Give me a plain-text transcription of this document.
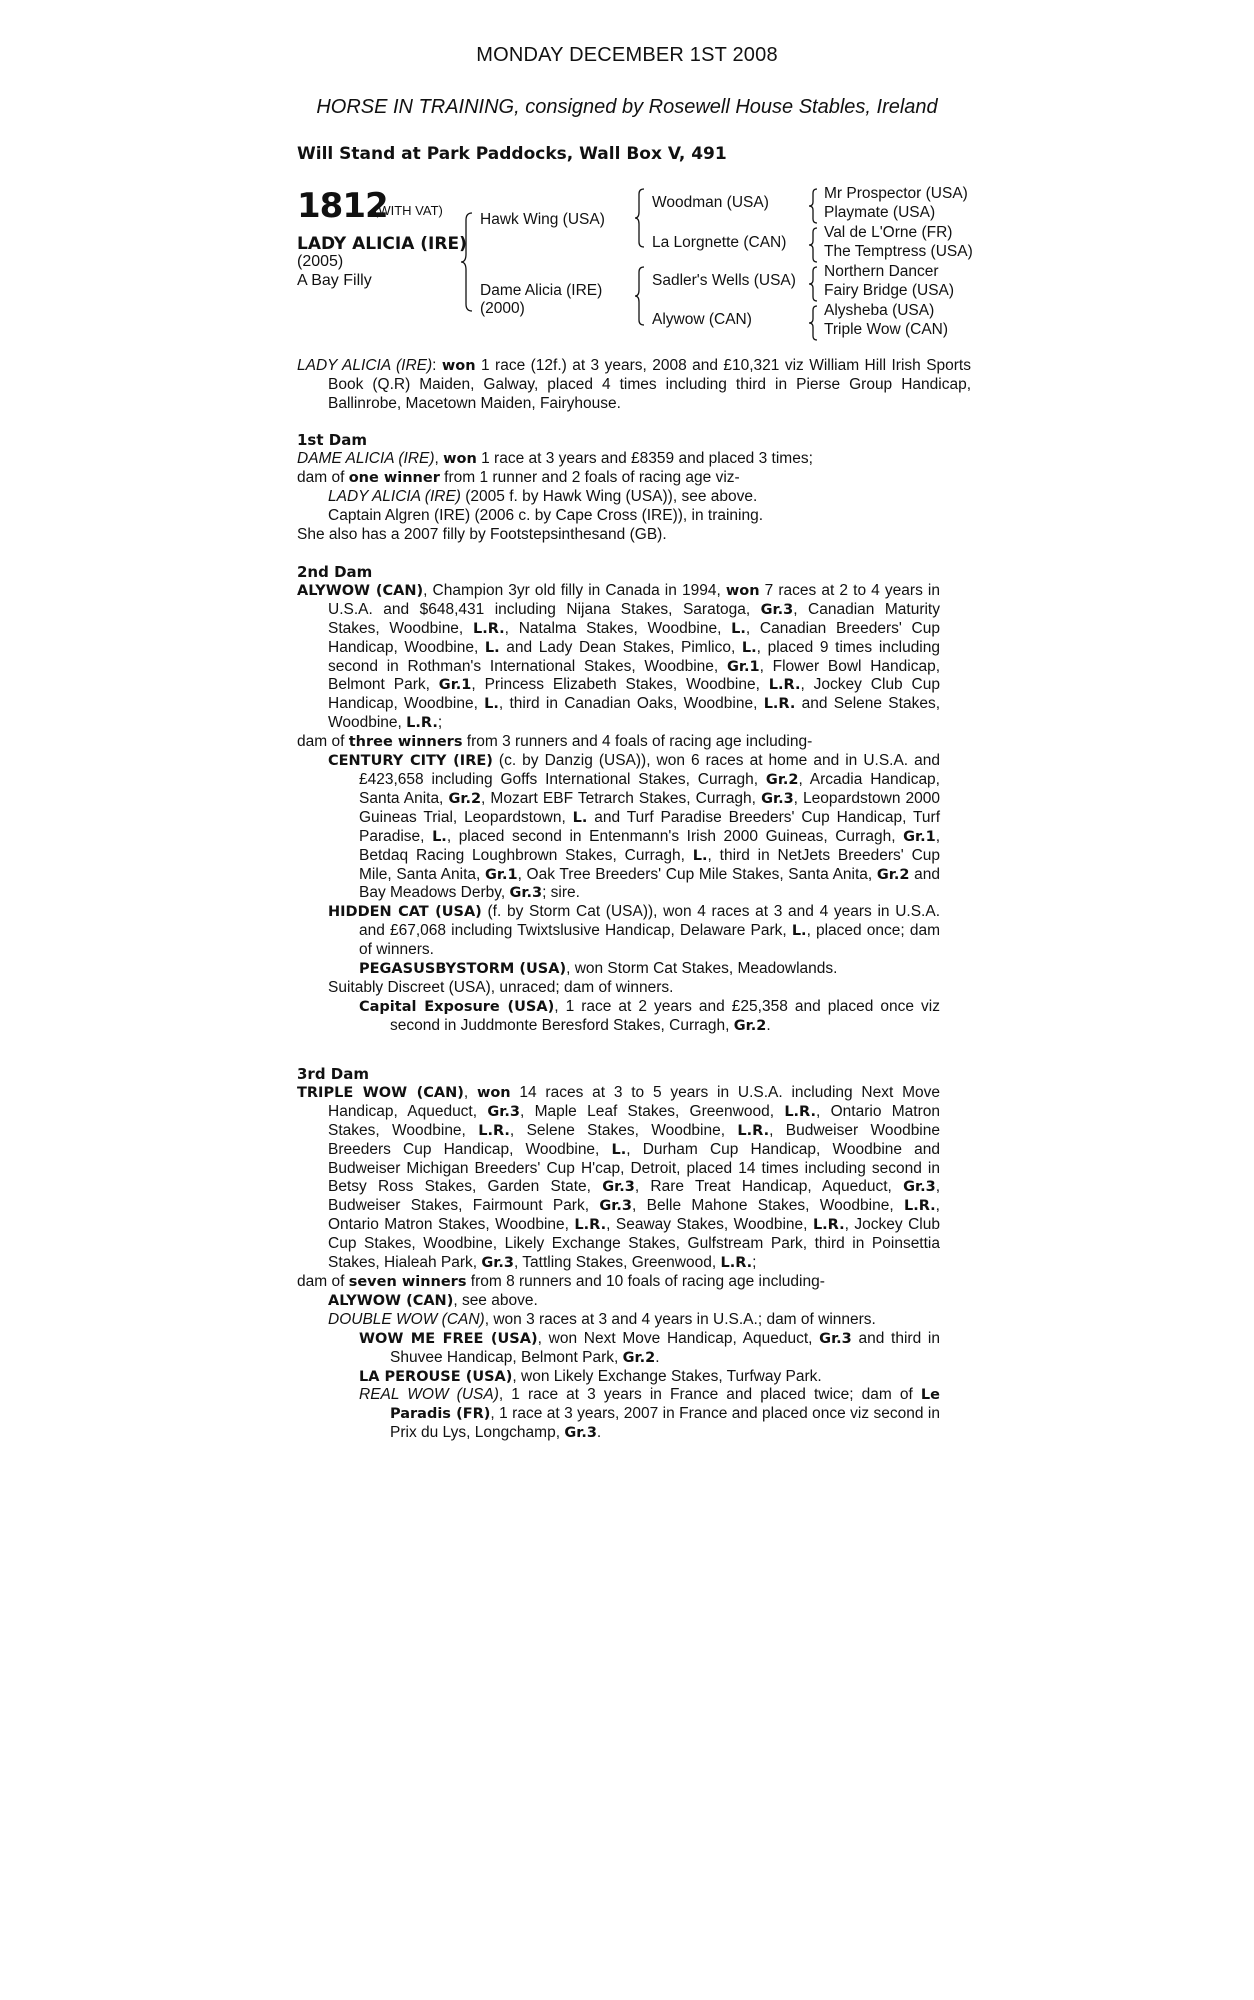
MONDAY DECEMBER 1ST 2008
HORSE IN TRAINING, consigned by Rosewell House Stables, Ireland
Will Stand at Park Paddocks, Wall Box V, 491
1812
(WITH VAT)
LADY ALICIA (IRE)
(2005)
A Bay Filly
Hawk Wing (USA)
Dame Alicia (IRE)
(2000)
Woodman (USA)
La Lorgnette (CAN)
Sadler's Wells (USA)
Alywow (CAN)
Mr Prospector (USA)
Playmate (USA)
Val de L'Orne (FR)
The Temptress (USA)
Northern Dancer
Fairy Bridge (USA)
Alysheba (USA)
Triple Wow (CAN)
LADY ALICIA (IRE): won 1 race (12f.) at 3 years, 2008 and £10,321 viz William Hill Irish Sports Book (Q.R) Maiden, Galway, placed 4 times including third in Pierse Group Handicap, Ballinrobe, Macetown Maiden, Fairyhouse.
1st Dam
DAME ALICIA (IRE), won 1 race at 3 years and £8359 and placed 3 times;
dam of one winner from 1 runner and 2 foals of racing age viz-
LADY ALICIA (IRE) (2005 f. by Hawk Wing (USA)), see above.
Captain Algren (IRE) (2006 c. by Cape Cross (IRE)), in training.
She also has a 2007 filly by Footstepsinthesand (GB).
2nd Dam
ALYWOW (CAN), Champion 3yr old filly in Canada in 1994, won 7 races at 2 to 4 years in U.S.A. and $648,431 including Nijana Stakes, Saratoga, Gr.3, Canadian Maturity Stakes, Woodbine, L.R., Natalma Stakes, Woodbine, L., Canadian Breeders' Cup Handicap, Woodbine, L. and Lady Dean Stakes, Pimlico, L., placed 9 times including second in Rothman's International Stakes, Woodbine, Gr.1, Flower Bowl Handicap, Belmont Park, Gr.1, Princess Elizabeth Stakes, Woodbine, L.R., Jockey Club Cup Handicap, Woodbine, L., third in Canadian Oaks, Woodbine, L.R. and Selene Stakes, Woodbine, L.R.;
dam of three winners from 3 runners and 4 foals of racing age including-
CENTURY CITY (IRE) (c. by Danzig (USA)), won 6 races at home and in U.S.A. and £423,658 including Goffs International Stakes, Curragh, Gr.2, Arcadia Handicap, Santa Anita, Gr.2, Mozart EBF Tetrarch Stakes, Curragh, Gr.3, Leopardstown 2000 Guineas Trial, Leopardstown, L. and Turf Paradise Breeders' Cup Handicap, Turf Paradise, L., placed second in Entenmann's Irish 2000 Guineas, Curragh, Gr.1, Betdaq Racing Loughbrown Stakes, Curragh, L., third in NetJets Breeders' Cup Mile, Santa Anita, Gr.1, Oak Tree Breeders' Cup Mile Stakes, Santa Anita, Gr.2 and Bay Meadows Derby, Gr.3; sire.
HIDDEN CAT (USA) (f. by Storm Cat (USA)), won 4 races at 3 and 4 years in U.S.A. and £67,068 including Twixtslusive Handicap, Delaware Park, L., placed once; dam of winners.
PEGASUSBYSTORM (USA), won Storm Cat Stakes, Meadowlands.
Suitably Discreet (USA), unraced; dam of winners.
Capital Exposure (USA), 1 race at 2 years and £25,358 and placed once viz second in Juddmonte Beresford Stakes, Curragh, Gr.2.
3rd Dam
TRIPLE WOW (CAN), won 14 races at 3 to 5 years in U.S.A. including Next Move Handicap, Aqueduct, Gr.3, Maple Leaf Stakes, Greenwood, L.R., Ontario Matron Stakes, Woodbine, L.R., Selene Stakes, Woodbine, L.R., Budweiser Woodbine Breeders Cup Handicap, Woodbine, L., Durham Cup Handicap, Woodbine and Budweiser Michigan Breeders' Cup H'cap, Detroit, placed 14 times including second in Betsy Ross Stakes, Garden State, Gr.3, Rare Treat Handicap, Aqueduct, Gr.3, Budweiser Stakes, Fairmount Park, Gr.3, Belle Mahone Stakes, Woodbine, L.R., Ontario Matron Stakes, Woodbine, L.R., Seaway Stakes, Woodbine, L.R., Jockey Club Cup Stakes, Woodbine, Likely Exchange Stakes, Gulfstream Park, third in Poinsettia Stakes, Hialeah Park, Gr.3, Tattling Stakes, Greenwood, L.R.;
dam of seven winners from 8 runners and 10 foals of racing age including-
ALYWOW (CAN), see above.
DOUBLE WOW (CAN), won 3 races at 3 and 4 years in U.S.A.; dam of winners.
WOW ME FREE (USA), won Next Move Handicap, Aqueduct, Gr.3 and third in Shuvee Handicap, Belmont Park, Gr.2.
LA PEROUSE (USA), won Likely Exchange Stakes, Turfway Park.
REAL WOW (USA), 1 race at 3 years in France and placed twice; dam of Le Paradis (FR), 1 race at 3 years, 2007 in France and placed once viz second in Prix du Lys, Longchamp, Gr.3.
